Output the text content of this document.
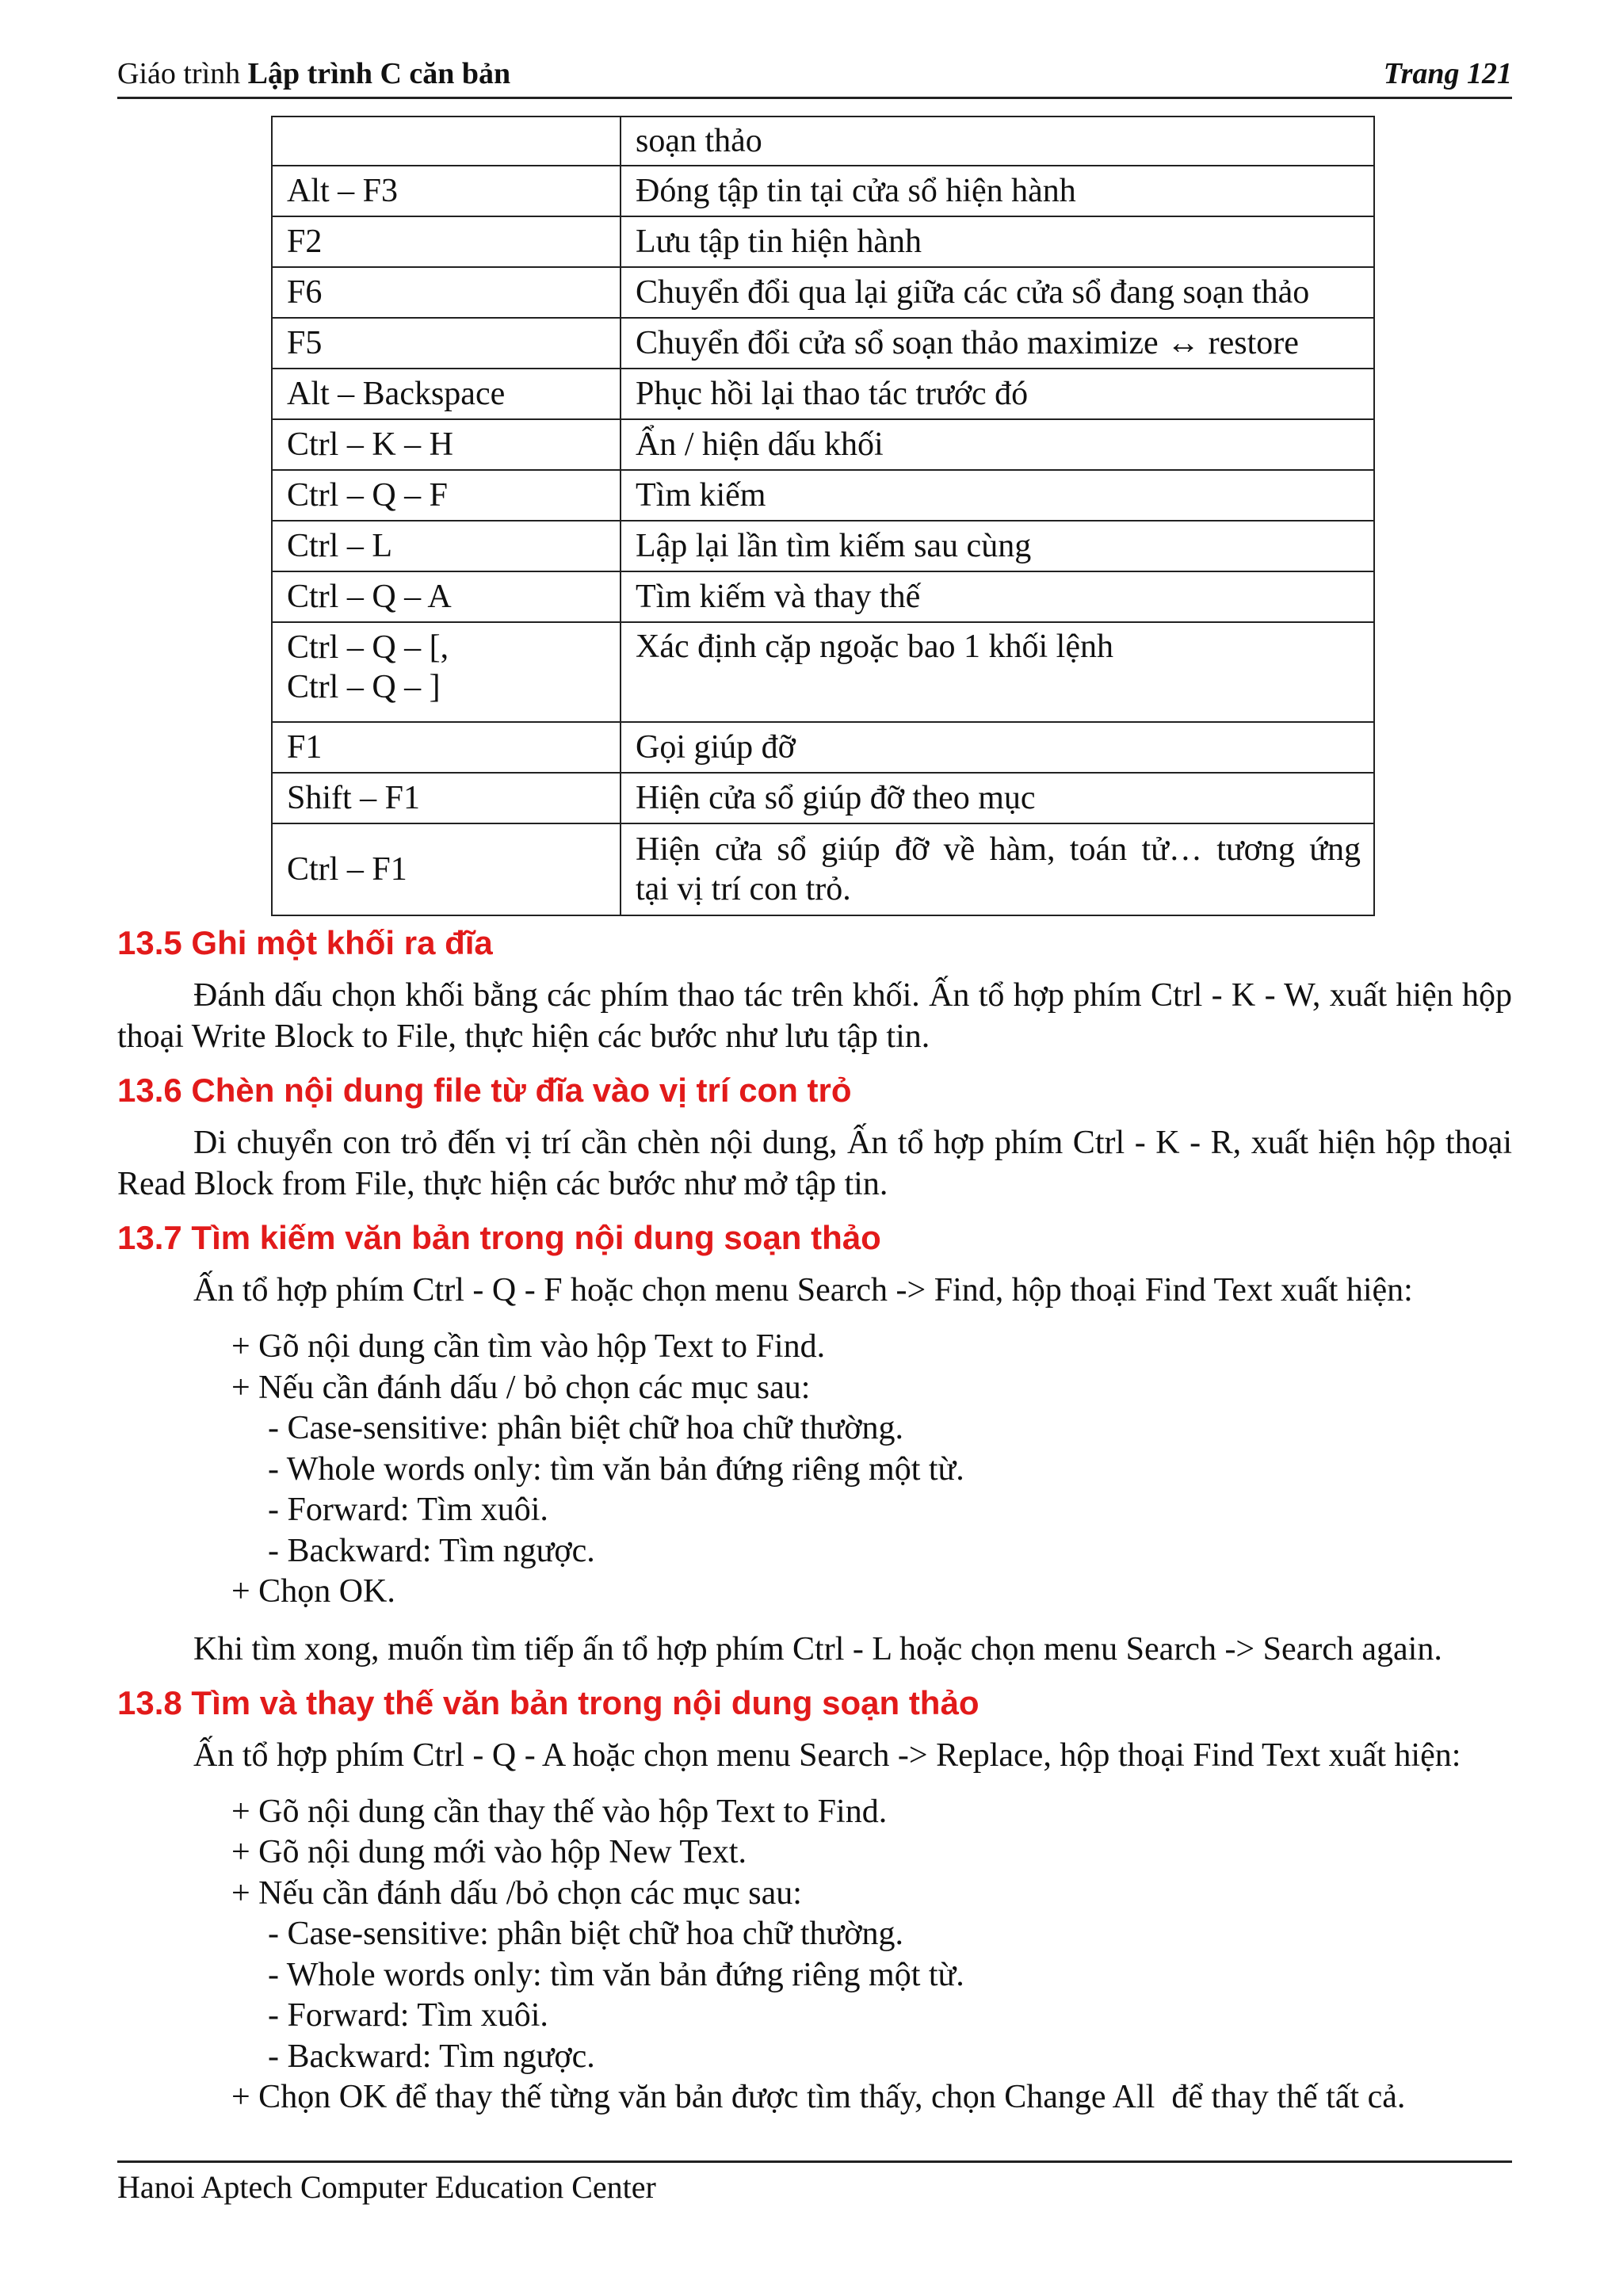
Giáo trình Lập trình C căn bản	Trang 121
	soạn thảo
Alt – F3	Đóng tập tin tại cửa sổ hiện hành
F2	Lưu tập tin hiện hành
F6	Chuyển đổi qua lại giữa các cửa sổ đang soạn thảo
F5	Chuyển đổi cửa sổ soạn thảo maximize ↔ restore
Alt – Backspace	Phục hồi lại thao tác trước đó
Ctrl – K – H	Ẩn / hiện dấu khối
Ctrl – Q – F	Tìm kiếm
Ctrl – L	Lập lại lần tìm kiếm sau cùng
Ctrl – Q – A	Tìm kiếm và thay thế

Ctrl – Q – [,
Ctrl – Q – ]	Xác định cặp ngoặc bao 1 khối lệnh
F1	Gọi giúp đỡ
Shift – F1	Hiện cửa sổ giúp đỡ theo mục
Ctrl – F1	Hiện cửa sổ giúp đỡ về hàm, toán tử… tương ứng
tại vị trí con trỏ.
13.5 Ghi một khối ra đĩa

Đánh dấu chọn khối bằng các phím thao tác trên khối. Ấn tổ hợp phím Ctrl - K - W, xuất hiện hộp thoại Write Block to File, thực hiện các bước như lưu tập tin.

13.6 Chèn nội dung file từ đĩa vào vị trí con trỏ

Di chuyển con trỏ đến vị trí cần chèn nội dung, Ấn tổ hợp phím Ctrl - K - R, xuất hiện hộp thoại Read Block from File, thực hiện các bước như mở tập tin.

13.7 Tìm kiếm văn bản trong nội dung soạn thảo

Ấn tổ hợp phím Ctrl - Q - F hoặc chọn menu Search -> Find, hộp thoại Find Text xuất hiện:

+ Gõ nội dung cần tìm vào hộp Text to Find.
+ Nếu cần đánh dấu / bỏ chọn các mục sau:
- Case-sensitive: phân biệt chữ hoa chữ thường.
- Whole words only: tìm văn bản đứng riêng một từ.
- Forward: Tìm xuôi.
- Backward: Tìm ngược.
+ Chọn OK.

Khi tìm xong, muốn tìm tiếp ấn tổ hợp phím Ctrl - L hoặc chọn menu Search -> Search again.

13.8 Tìm và thay thế văn bản trong nội dung soạn thảo

Ấn tổ hợp phím Ctrl - Q - A hoặc chọn menu Search -> Replace, hộp thoại Find Text xuất hiện:

+ Gõ nội dung cần thay thế vào hộp Text to Find.
+ Gõ nội dung mới vào hộp New Text.
+ Nếu cần đánh dấu /bỏ chọn các mục sau:
- Case-sensitive: phân biệt chữ hoa chữ thường.
- Whole words only: tìm văn bản đứng riêng một từ.
- Forward: Tìm xuôi.
- Backward: Tìm ngược.
+ Chọn OK để thay thế từng văn bản được tìm thấy, chọn Change All  để thay thế tất cả.
Hanoi Aptech Computer Education Center
